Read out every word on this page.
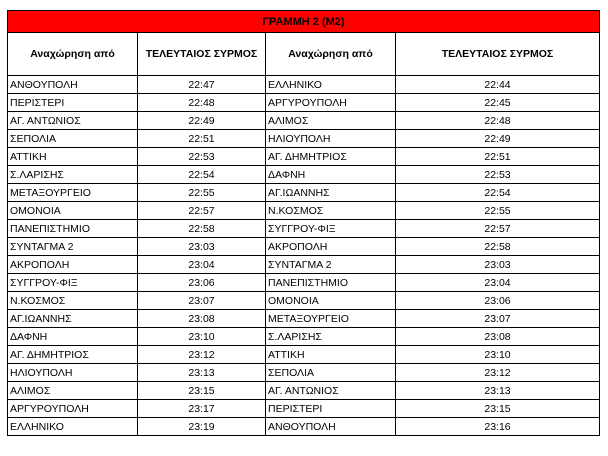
ΓΡΑΜΜΗ 2 (Μ2)			
Αναχώρηση από	ΤΕΛΕΥΤΑΙΟΣ ΣΥΡΜΟΣ	Αναχώρηση από	ΤΕΛΕΥΤΑΙΟΣ ΣΥΡΜΟΣ
ΑΝΘΟΥΠΟΛΗ	22:47	ΕΛΛΗΝΙΚΟ	22:44
ΠΕΡΙΣΤΕΡΙ	22:48	ΑΡΓΥΡΟΥΠΟΛΗ	22:45
ΑΓ. ΑΝΤΩΝΙΟΣ	22:49	ΑΛΙΜΟΣ	22:48
ΣΕΠΟΛΙΑ	22:51	ΗΛΙΟΥΠΟΛΗ	22:49
ΑΤΤΙΚΗ	22:53	ΑΓ. ΔΗΜΗΤΡΙΟΣ	22:51
Σ.ΛΑΡΙΣΗΣ	22:54	ΔΑΦΝΗ	22:53
ΜΕΤΑΞΟΥΡΓΕΙΟ	22:55	ΑΓ.ΙΩΑΝΝΗΣ	22:54
ΟΜΟΝΟΙΑ	22:57	Ν.ΚΟΣΜΟΣ	22:55
ΠΑΝΕΠΙΣΤΗΜΙΟ	22:58	ΣΥΓΓΡΟΥ-ΦΙΞ	22:57
ΣΥΝΤΑΓΜΑ 2	23:03	ΑΚΡΟΠΟΛΗ	22:58
ΑΚΡΟΠΟΛΗ	23:04	ΣΥΝΤΑΓΜΑ 2	23:03
ΣΥΓΓΡΟΥ-ΦΙΞ	23:06	ΠΑΝΕΠΙΣΤΗΜΙΟ	23:04
Ν.ΚΟΣΜΟΣ	23:07	ΟΜΟΝΟΙΑ	23:06
ΑΓ.ΙΩΑΝΝΗΣ	23:08	ΜΕΤΑΞΟΥΡΓΕΙΟ	23:07
ΔΑΦΝΗ	23:10	Σ.ΛΑΡΙΣΗΣ	23:08
ΑΓ. ΔΗΜΗΤΡΙΟΣ	23:12	ΑΤΤΙΚΗ	23:10
ΗΛΙΟΥΠΟΛΗ	23:13	ΣΕΠΟΛΙΑ	23:12
ΑΛΙΜΟΣ	23:15	ΑΓ. ΑΝΤΩΝΙΟΣ	23:13
ΑΡΓΥΡΟΥΠΟΛΗ	23:17	ΠΕΡΙΣΤΕΡΙ	23:15
ΕΛΛΗΝΙΚΟ	23:19	ΑΝΘΟΥΠΟΛΗ	23:16
